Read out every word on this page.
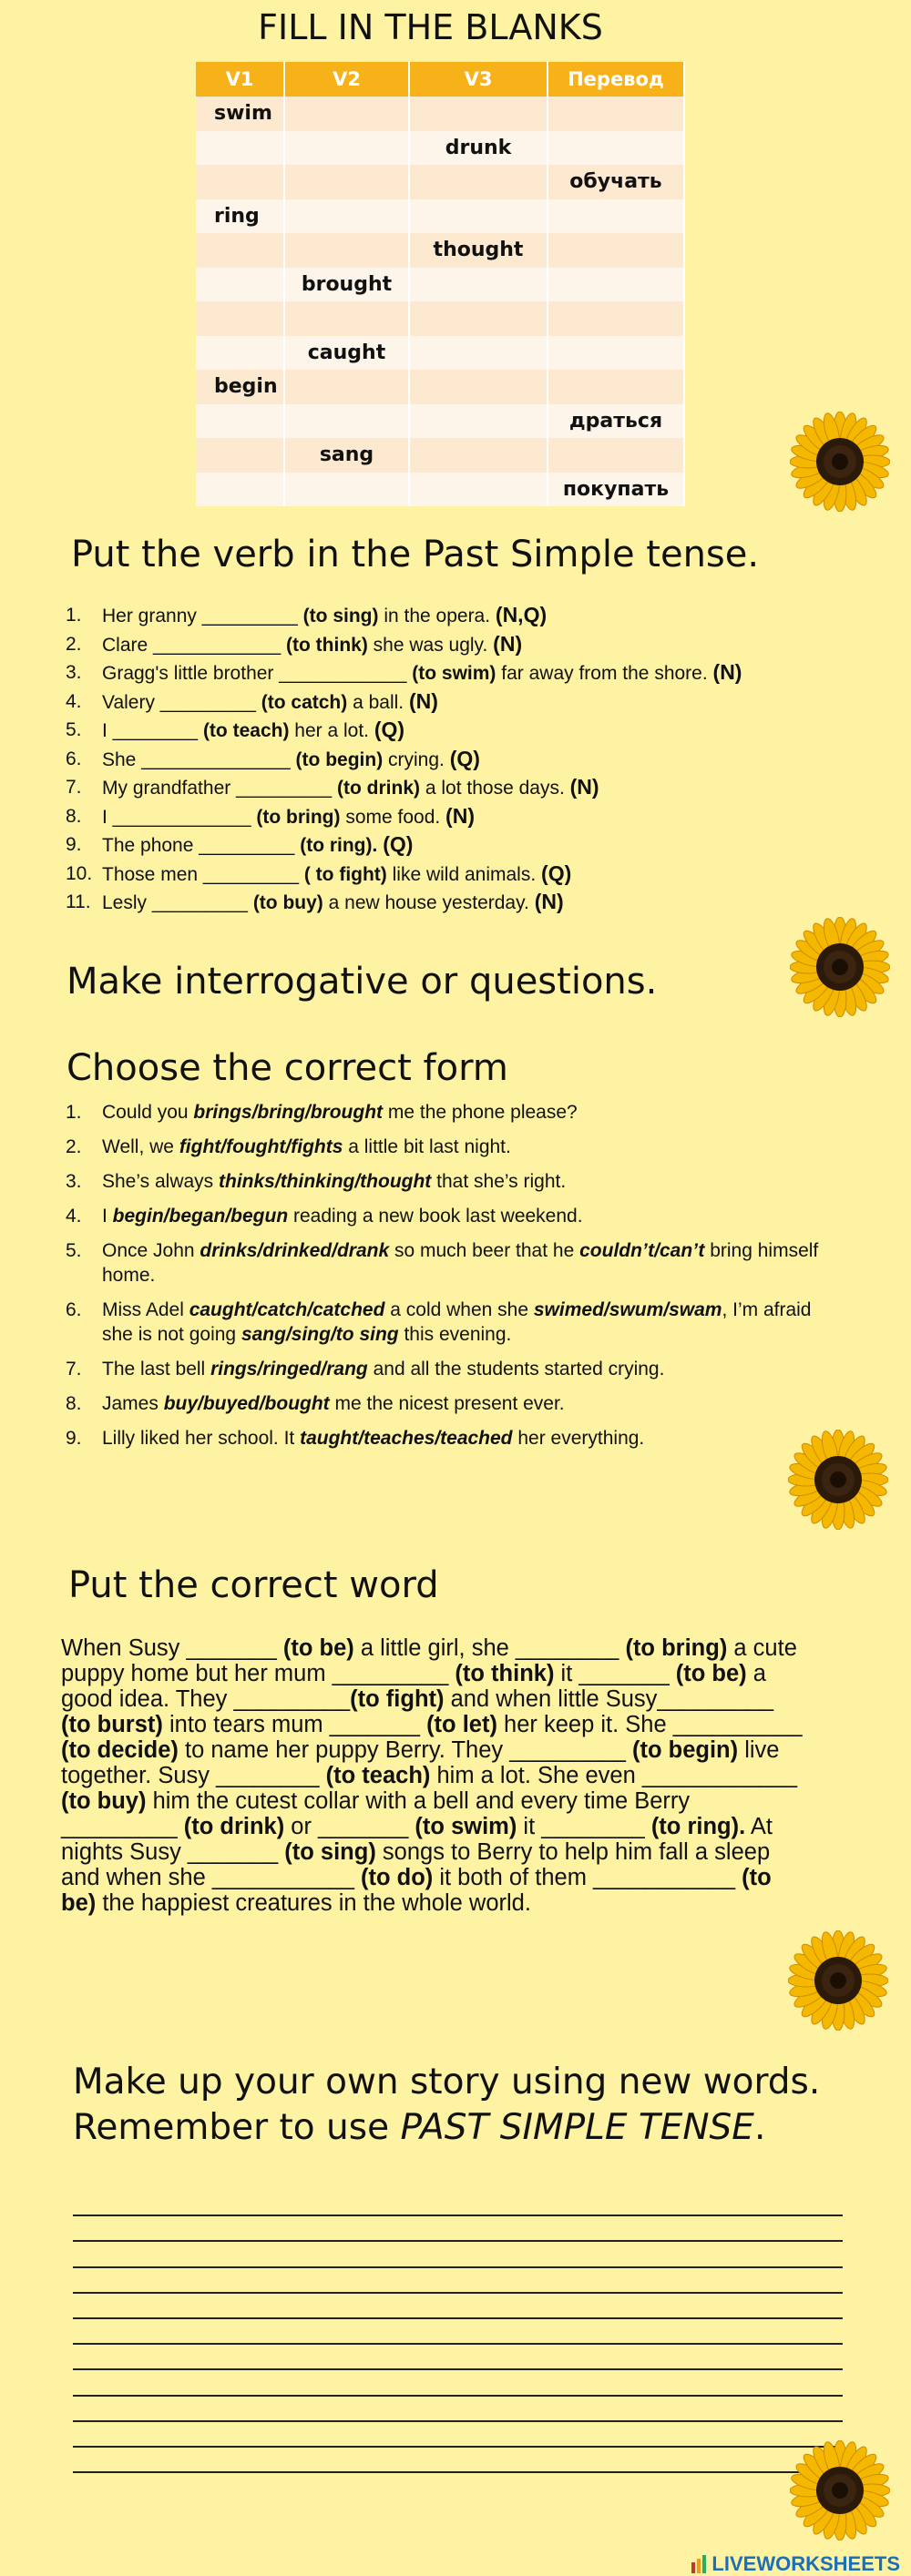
FILL IN THE BLANKS
V1	V2	V3	Перевод
swim			
		drunk	
			обучать
ring			
		thought	
	brought		

	caught		
begin			
			драться
	sang		
			покупать
Put the verb in the Past Simple tense.
1. Her granny _________ (to sing) in the opera. (N,Q)
2. Clare ____________ (to think) she was ugly. (N)
3. Gragg's little brother ____________ (to swim) far away from the shore. (N)
4. Valery _________ (to catch) a ball. (N)
5. I ________ (to teach) her a lot. (Q)
6. She ______________ (to begin) crying. (Q)
7. My grandfather _________ (to drink) a lot those days. (N)
8. I _____________ (to bring) some food. (N)
9. The phone _________ (to ring). (Q)
10. Those men _________ ( to fight) like wild animals. (Q)
11. Lesly _________ (to buy) a new house yesterday. (N)
Make interrogative or questions.
Choose the correct form
1. Could you brings/bring/brought me the phone please?
2. Well, we fight/fought/fights a little bit last night.
3. She’s always thinks/thinking/thought that she’s right.
4. I begin/began/begun reading a new book last weekend.
5. Once John drinks/drinked/drank so much beer that he couldn’t/can’t bring himself home.
6. Miss Adel caught/catch/catched a cold when she swimed/swum/swam, I’m afraid she is not going sang/sing/to sing this evening.
7. The last bell rings/ringed/rang and all the students started crying.
8. James buy/buyed/bought me the nicest present ever.
9. Lilly liked her school. It taught/teaches/teached her everything.
Put the correct word
When Susy _______ (to be) a little girl, she ________ (to bring) a cute puppy home but her mum _________ (to think) it _______ (to be) a good idea. They _________(to fight) and when little Susy_________ (to burst) into tears mum _______ (to let) her keep it. She __________ (to decide) to name her puppy Berry. They _________ (to begin) live together. Susy ________ (to teach) him a lot. She even ____________ (to buy) him the cutest collar with a bell and every time Berry _________ (to drink) or _______ (to swim) it ________ (to ring). At nights Susy _______ (to sing) songs to Berry to help him fall a sleep and when she ___________ (to do) it both of them ___________ (to be) the happiest creatures in the whole world.
Make up your own story using new words.
Remember to use PAST SIMPLE TENSE.
LIVEWORKSHEETS
